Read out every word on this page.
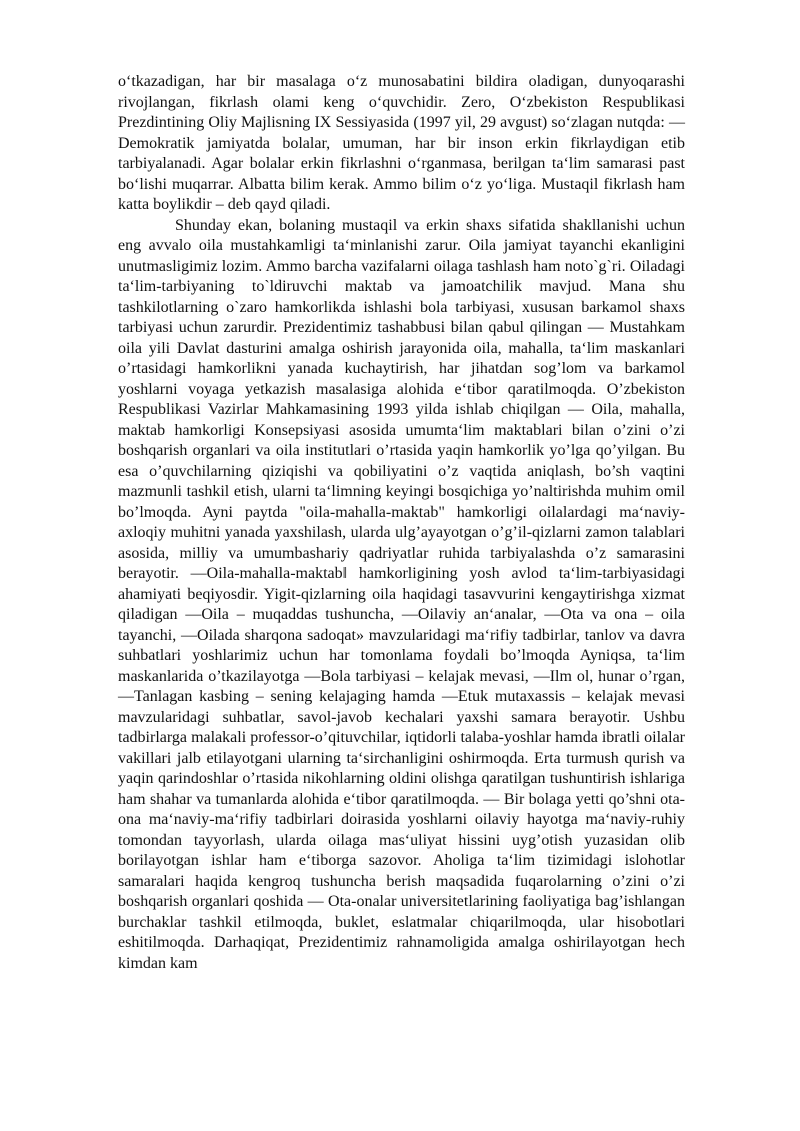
o‘tkazadigan, har bir masalaga o‘z munosabatini bildira oladigan, dunyoqarashi rivojlangan, fikrlash olami keng o‘quvchidir. Zero, O‘zbekiston Respublikasi Prezdintining Oliy Majlisning IX Sessiyasida (1997 yil, 29 avgust) so‘zlagan nutqda: —Demokratik jamiyatda bolalar, umuman, har bir inson erkin fikrlaydigan etib tarbiyalanadi. Agar bolalar erkin fikrlashni o‘rganmasa, berilgan ta‘lim samarasi past bo‘lishi muqarrar. Albatta bilim kerak. Ammo bilim o‘z yo‘liga. Mustaqil fikrlash ham katta boylikdir – deb qayd qiladi.

Shunday ekan, bolaning mustaqil va erkin shaxs sifatida shakllanishi uchun eng avvalo oila mustahkamligi ta‘minlanishi zarur. Oila jamiyat tayanchi ekanligini unutmasligimiz lozim. Ammo barcha vazifalarni oilaga tashlash ham noto`g`ri. Oiladagi ta‘lim-tarbiyaning to`ldiruvchi maktab va jamoatchilik mavjud. Mana shu tashkilotlarning o`zaro hamkorlikda ishlashi bola tarbiyasi, xususan barkamol shaxs tarbiyasi uchun zarurdir. Prezidentimiz tashabbusi bilan qabul qilingan — Mustahkam oila yili Davlat dasturini amalga oshirish jarayonida oila, mahalla, ta‘lim maskanlari o’rtasidagi hamkorlikni yanada kuchaytirish, har jihatdan sog’lom va barkamol yoshlarni voyaga yetkazish masalasiga alohida e‘tibor qaratilmoqda. O’zbekiston Respublikasi Vazirlar Mahkamasining 1993 yilda ishlab chiqilgan — Oila, mahalla, maktab hamkorligi Konsepsiyasi asosida umumta‘lim maktablari bilan o’zini o’zi boshqarish organlari va oila institutlari o’rtasida yaqin hamkorlik yo’lga qo’yilgan. Bu esa o’quvchilarning qiziqishi va qobiliyatini o’z vaqtida aniqlash, bo’sh vaqtini mazmunli tashkil etish, ularni ta‘limning keyingi bosqichiga yo’naltirishda muhim omil bo’lmoqda. Ayni paytda "oila-mahalla-maktab" hamkorligi oilalardagi ma‘naviy-axloqiy muhitni yanada yaxshilash, ularda ulg’ayayotgan o’g’il-qizlarni zamon talablari asosida, milliy va umumbashariy qadriyatlar ruhida tarbiyalashda o’z samarasini berayotir. —Oila-mahalla-maktab‖ hamkorligining yosh avlod ta‘lim-tarbiyasidagi ahamiyati beqiyosdir. Yigit-qizlarning oila haqidagi tasavvurini kengaytirishga xizmat qiladigan —Oila – muqaddas tushuncha, —Oilaviy an‘analar, —Ota va ona – oila tayanchi, —Oilada sharqona sadoqat» mavzularidagi ma‘rifiy tadbirlar, tanlov va davra suhbatlari yoshlarimiz uchun har tomonlama foydali bo’lmoqda Ayniqsa, ta‘lim maskanlarida o’tkazilayotga —Bola tarbiyasi – kelajak mevasi, —Ilm ol, hunar o’rgan, —Tanlagan kasbing – sening kelajaging hamda —Etuk mutaxassis – kelajak mevasi mavzularidagi suhbatlar, savol-javob kechalari yaxshi samara berayotir. Ushbu tadbirlarga malakali professor-o’qituvchilar, iqtidorli talaba-yoshlar hamda ibratli oilalar vakillari jalb etilayotgani ularning ta‘sirchanligini oshirmoqda. Erta turmush qurish va yaqin qarindoshlar o’rtasida nikohlarning oldini olishga qaratilgan tushuntirish ishlariga ham shahar va tumanlarda alohida e‘tibor qaratilmoqda. — Bir bolaga yetti qo’shni ota-ona ma‘naviy-ma‘rifiy tadbirlari doirasida yoshlarni oilaviy hayotga ma‘naviy-ruhiy tomondan tayyorlash, ularda oilaga mas‘uliyat hissini uyg’otish yuzasidan olib borilayotgan ishlar ham e‘tiborga sazovor. Aholiga ta‘lim tizimidagi islohotlar samaralari haqida kengroq tushuncha berish maqsadida fuqarolarning o’zini o’zi boshqarish organlari qoshida — Ota-onalar universitetlarining faoliyatiga bag’ishlangan burchaklar tashkil etilmoqda, buklet, eslatmalar chiqarilmoqda, ular hisobotlari eshitilmoqda. Darhaqiqat, Prezidentimiz rahnamoligida amalga oshirilayotgan hech kimdan kam
